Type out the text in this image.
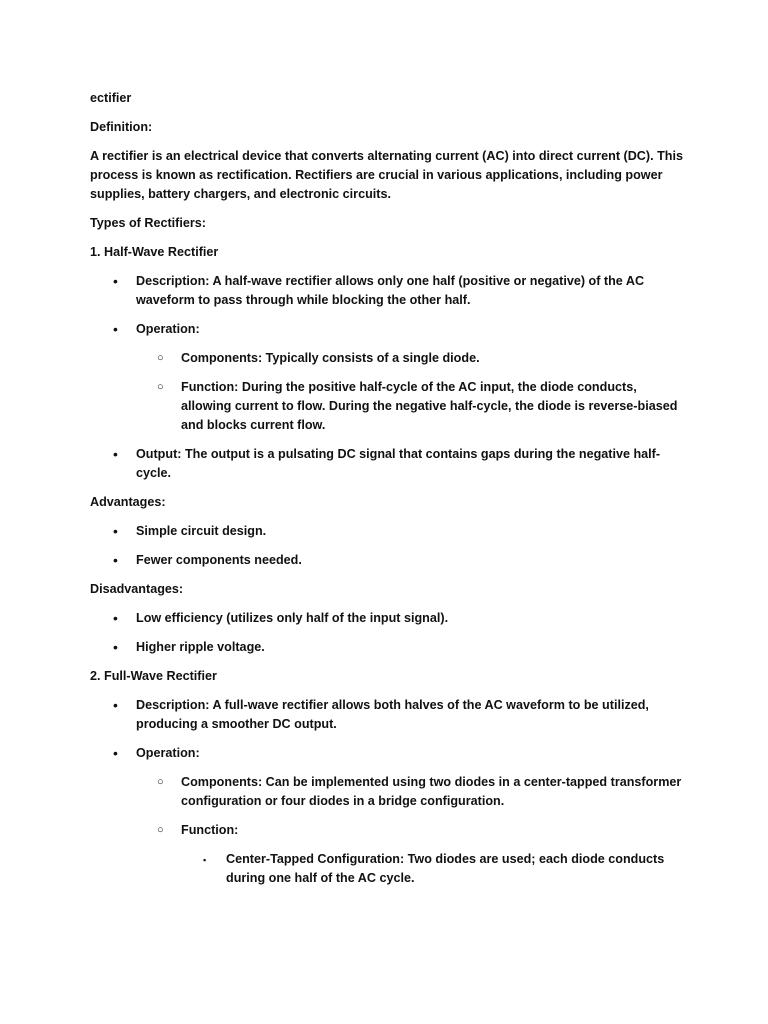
ectifier

Definition:

A rectifier is an electrical device that converts alternating current (AC) into direct current (DC). This process is known as rectification. Rectifiers are crucial in various applications, including power supplies, battery chargers, and electronic circuits.

Types of Rectifiers:

1. Half-Wave Rectifier

• Description: A half-wave rectifier allows only one half (positive or negative) of the AC waveform to pass through while blocking the other half.

• Operation:

○ Components: Typically consists of a single diode.

○ Function: During the positive half-cycle of the AC input, the diode conducts, allowing current to flow. During the negative half-cycle, the diode is reverse-biased and blocks current flow.

• Output: The output is a pulsating DC signal that contains gaps during the negative half-cycle.

Advantages:

• Simple circuit design.

• Fewer components needed.

Disadvantages:

• Low efficiency (utilizes only half of the input signal).

• Higher ripple voltage.

2. Full-Wave Rectifier

• Description: A full-wave rectifier allows both halves of the AC waveform to be utilized, producing a smoother DC output.

• Operation:

○ Components: Can be implemented using two diodes in a center-tapped transformer configuration or four diodes in a bridge configuration.

○ Function:

▪ Center-Tapped Configuration: Two diodes are used; each diode conducts during one half of the AC cycle.
